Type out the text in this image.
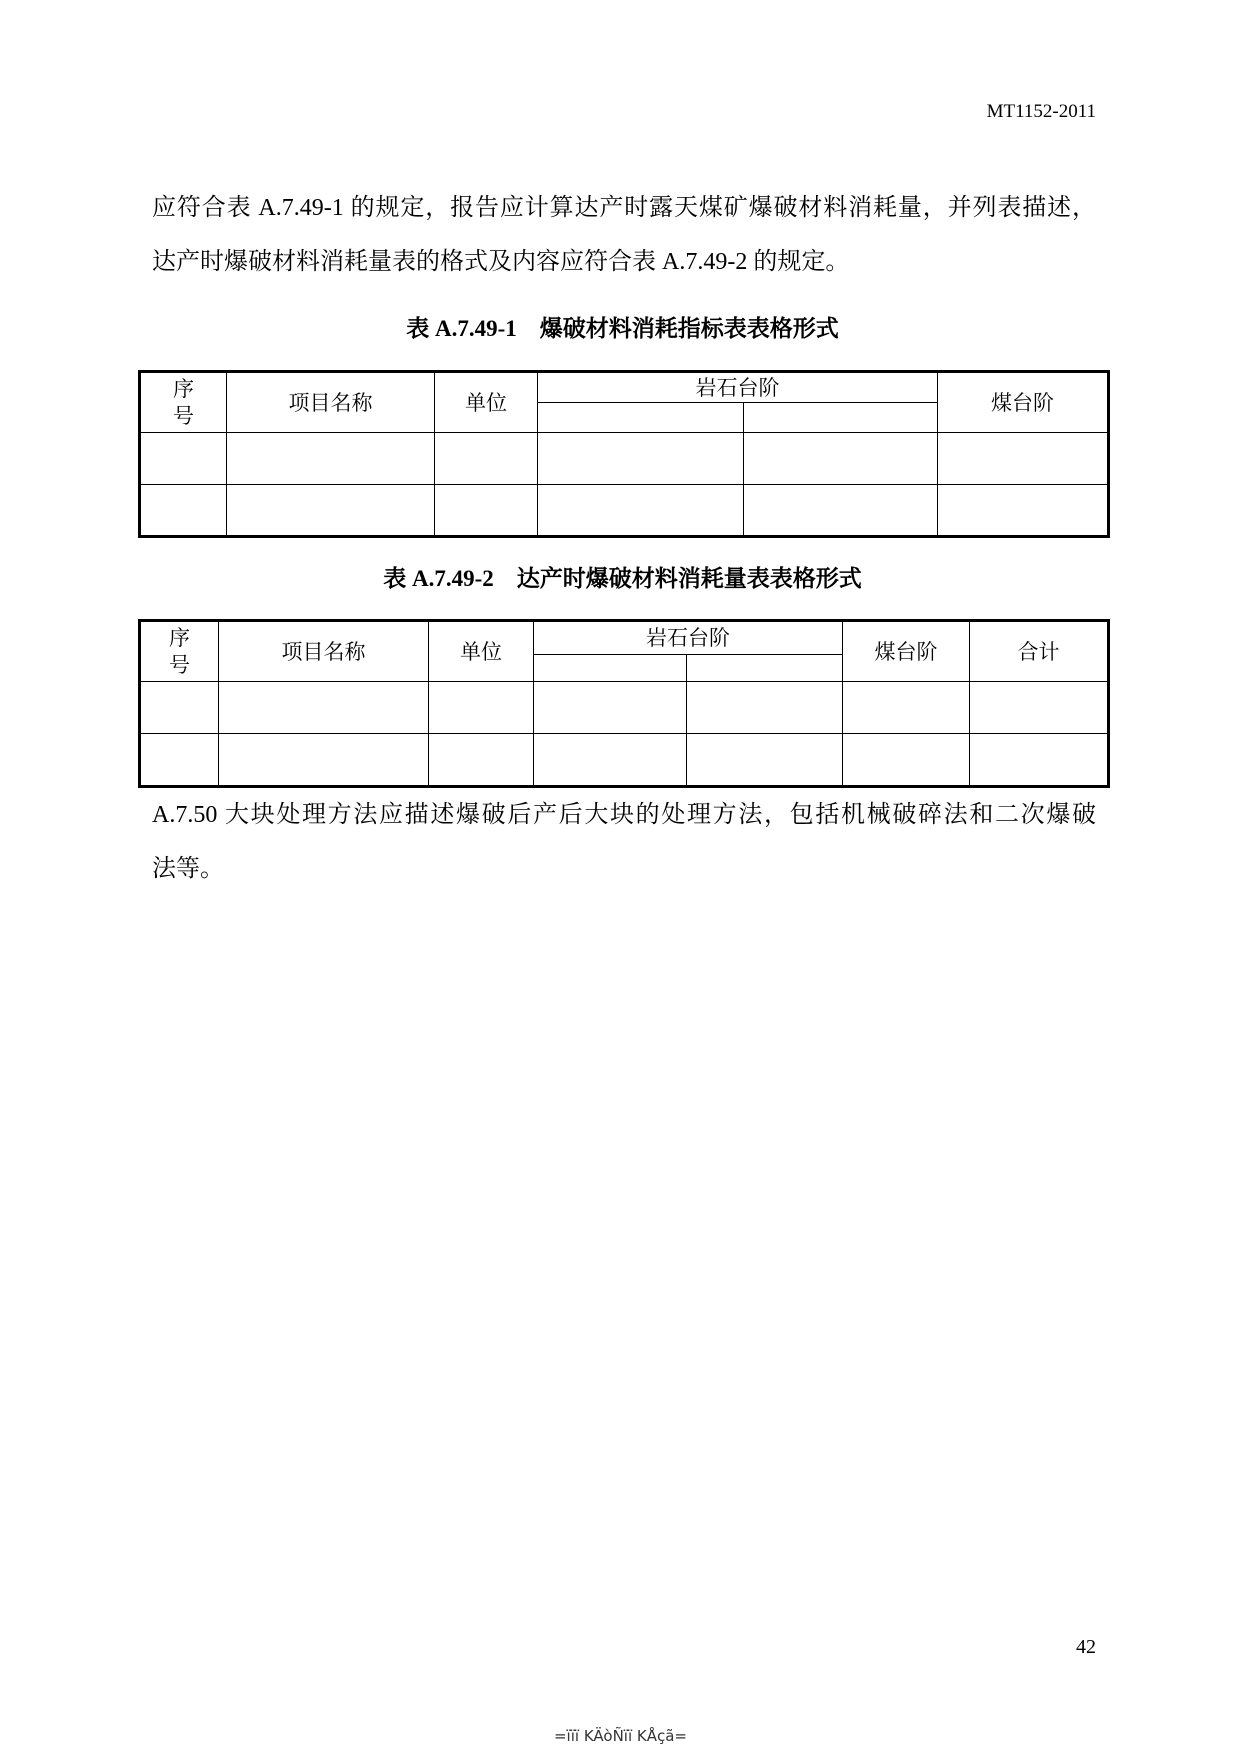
MT1152-2011
应符合表 A.7.49-1 的规定，报告应计算达产时露天煤矿爆破材料消耗量，并列表描述，
达产时爆破材料消耗量表的格式及内容应符合表 A.7.49-2 的规定。
表 A.7.49-1　爆破材料消耗指标表表格形式
序
号	项目名称	单位	岩石台阶		煤台阶

表 A.7.49-2　达产时爆破材料消耗量表表格形式
序
号	项目名称	单位	岩石台阶		煤台阶	合计

A.7.50 大块处理方法应描述爆破后产后大块的处理方法，包括机械破碎法和二次爆破
法等。
42
=ïïï KÄòÑïï KÅçã=
